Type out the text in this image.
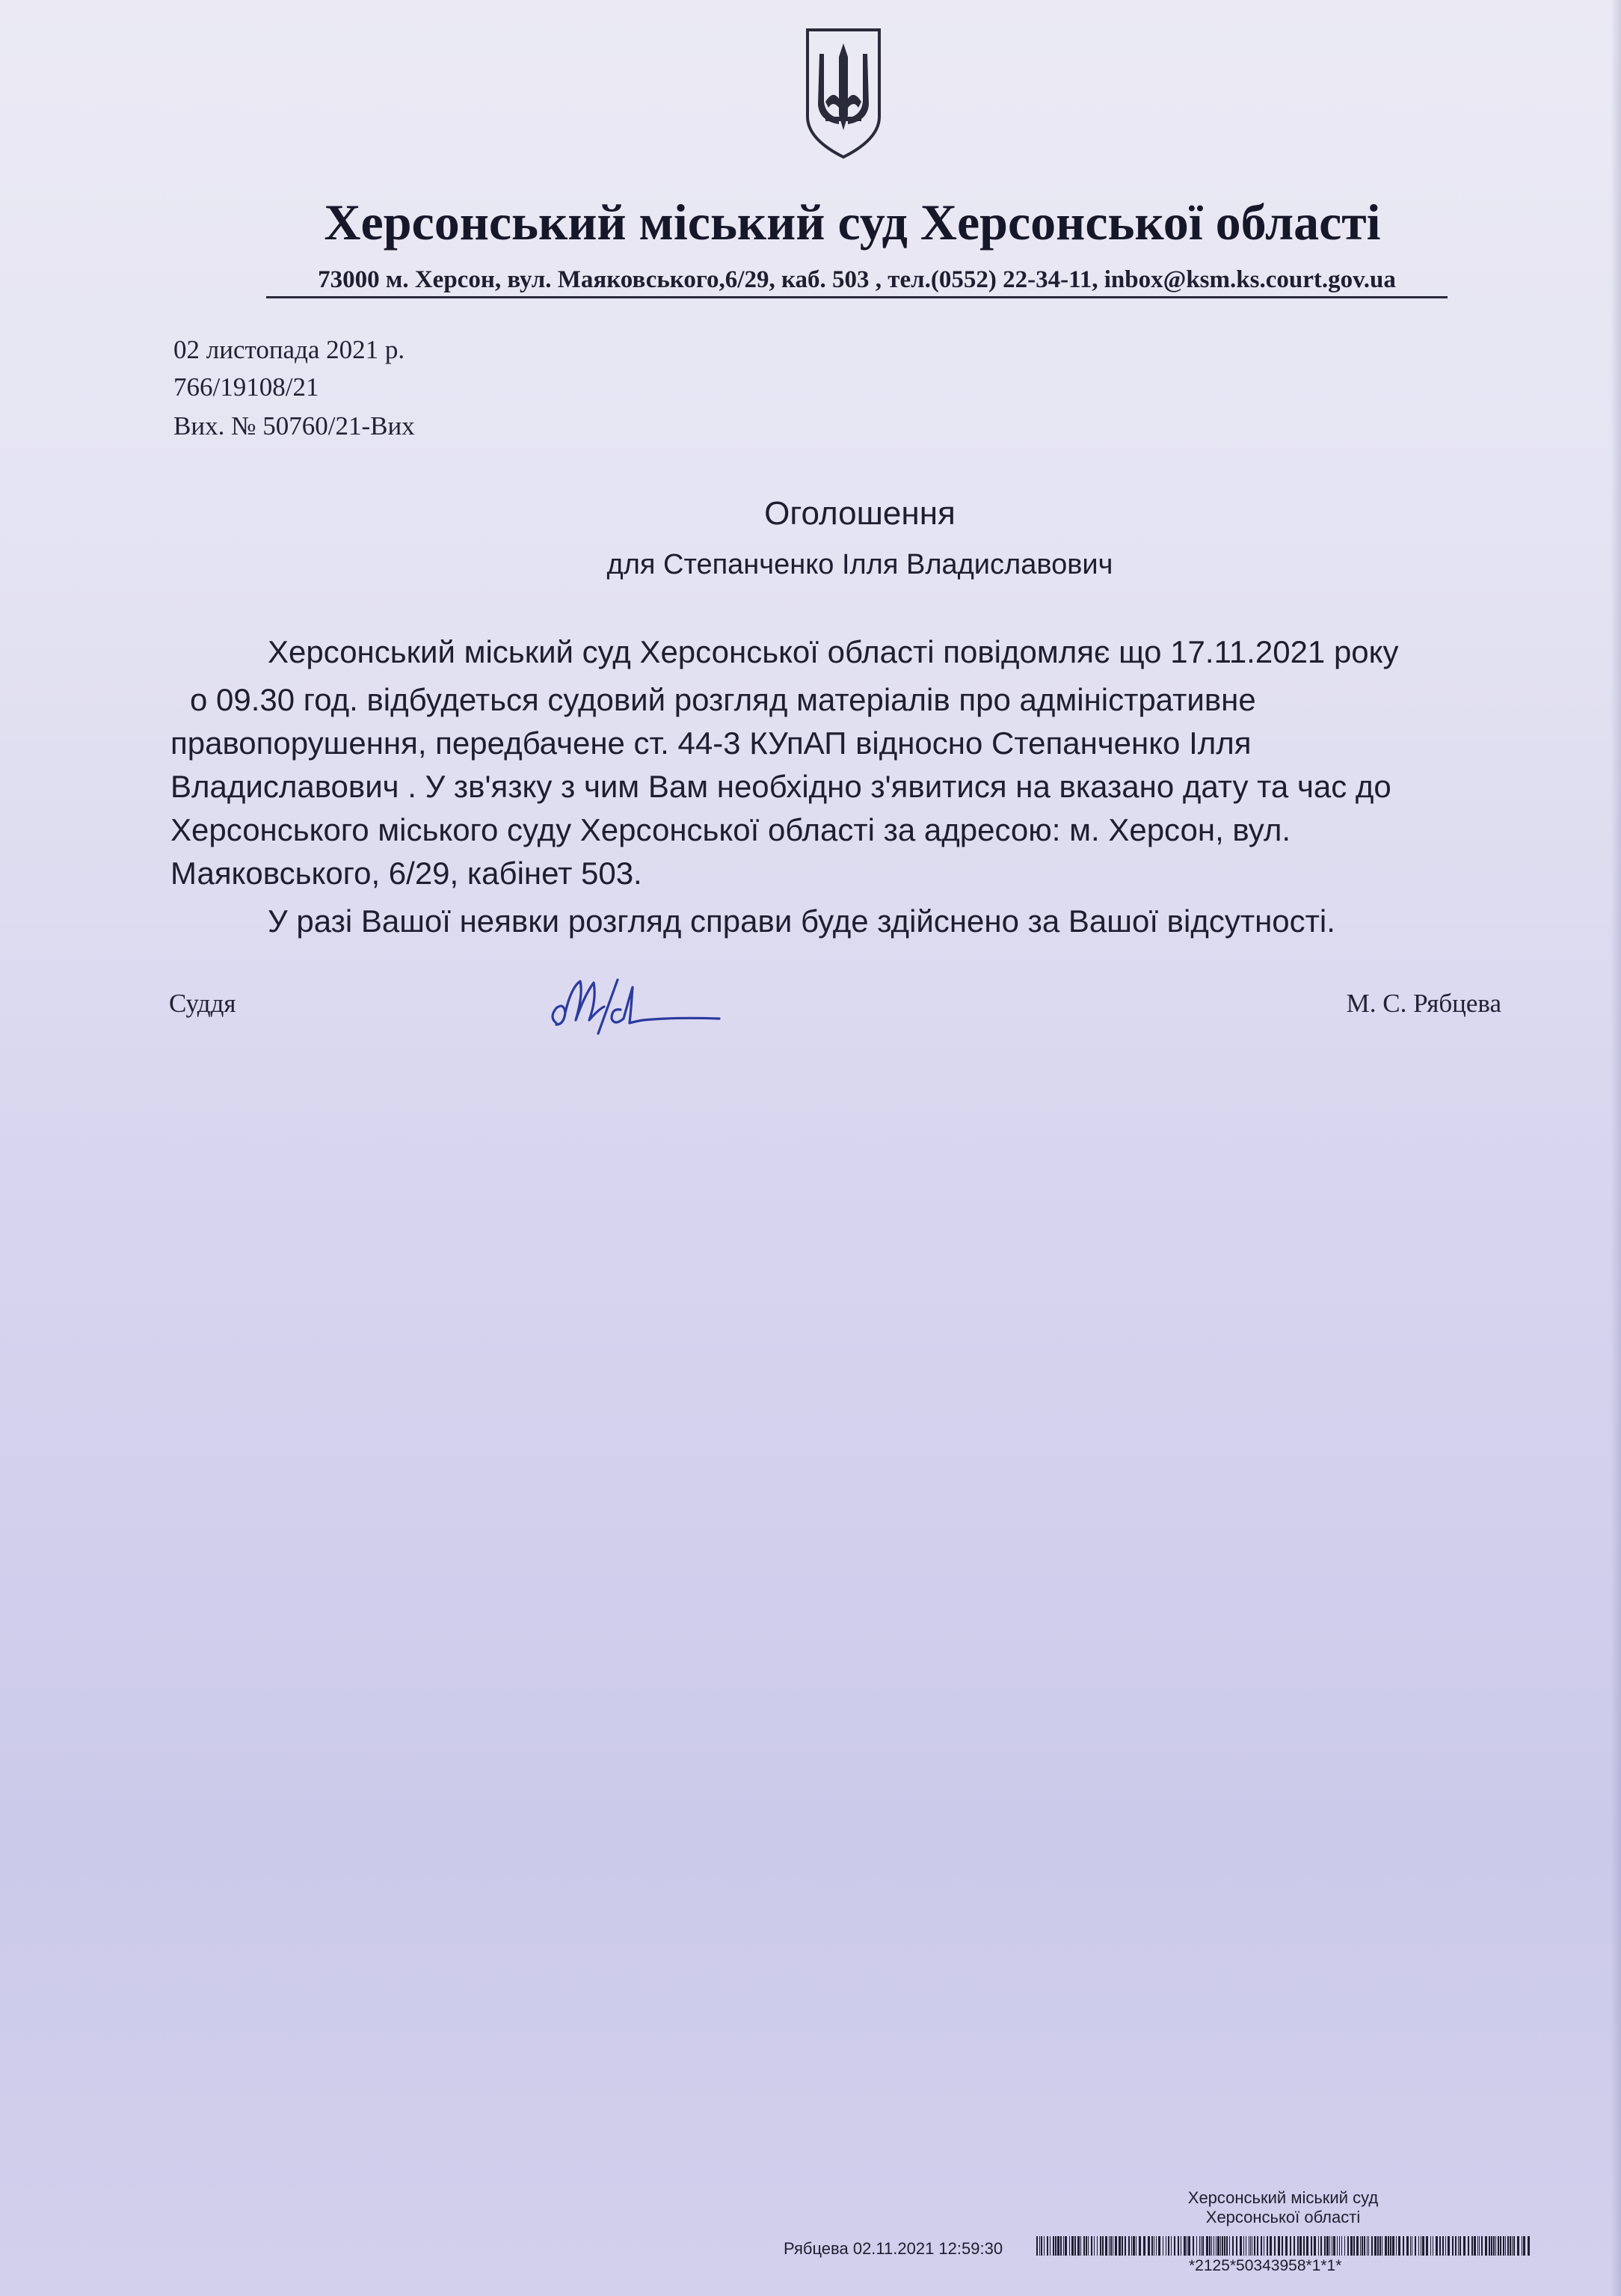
Херсонський міський суд Херсонської області
73000 м. Херсон, вул. Маяковського,6/29, каб. 503 , тел.(0552) 22-34-11, inbox@ksm.ks.court.gov.ua
02 листопада 2021 р.
766/19108/21
Вих. № 50760/21-Вих
Оголошення
для Степанченко Ілля Владиславович
Херсонський міський суд Херсонської області повідомляє що 17.11.2021 року
о 09.30 год. відбудеться судовий розгляд матеріалів про адміністративне
правопорушення, передбачене ст. 44-3 КУпАП відносно Степанченко Ілля
Владиславович . У зв'язку з чим Вам необхідно з'явитися на вказано дату та час до
Херсонського міського суду Херсонської області за адресою: м. Херсон, вул.
Маяковського, 6/29, кабінет 503.
У разі Вашої неявки розгляд справи буде здійснено за Вашої відсутності.
Суддя	М. С. Рябцева
Херсонський міський суд
Херсонської області
Рябцева 02.11.2021 12:59:30
*2125*50343958*1*1*
